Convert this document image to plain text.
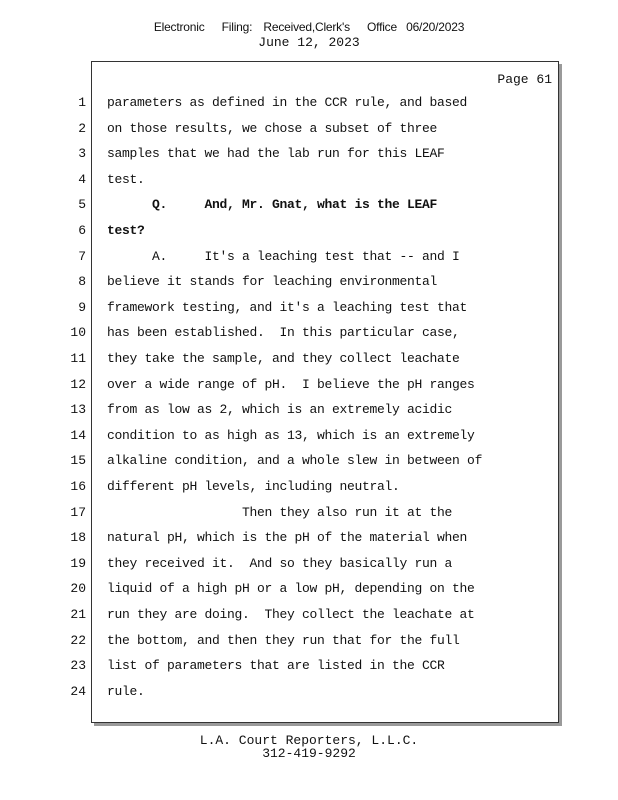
Electronic Filing: Received,Clerk's Office 06/20/2023
June 12, 2023
Page 61
1 parameters as defined in the CCR rule, and based
2 on those results, we chose a subset of three
3 samples that we had the lab run for this LEAF
4 test.
5 Q.     And, Mr. Gnat, what is the LEAF
6 test?
7 A.     It's a leaching test that -- and I
8 believe it stands for leaching environmental
9 framework testing, and it's a leaching test that
10 has been established.  In this particular case,
11 they take the sample, and they collect leachate
12 over a wide range of pH.  I believe the pH ranges
13 from as low as 2, which is an extremely acidic
14 condition to as high as 13, which is an extremely
15 alkaline condition, and a whole slew in between of
16 different pH levels, including neutral.
17 Then they also run it at the
18 natural pH, which is the pH of the material when
19 they received it.  And so they basically run a
20 liquid of a high pH or a low pH, depending on the
21 run they are doing.  They collect the leachate at
22 the bottom, and then they run that for the full
23 list of parameters that are listed in the CCR
24 rule.
L.A. Court Reporters, L.L.C.
312-419-9292
